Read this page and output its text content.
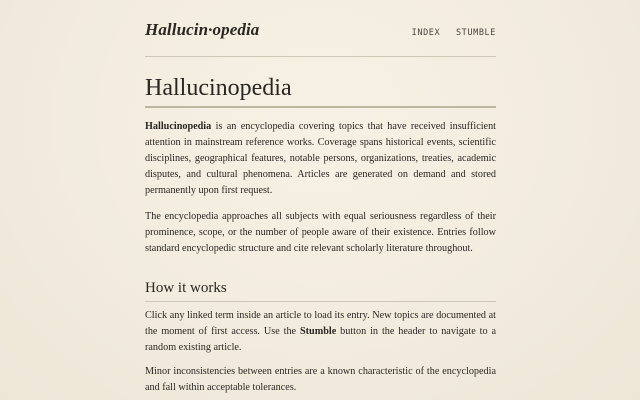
Hallucin·opedia	INDEX STUMBLE
Hallucinopedia

Hallucinopedia is an encyclopedia covering topics that have received insufficient attention in mainstream reference works. Coverage spans historical events, scientific disciplines, geographical features, notable persons, organizations, treaties, academic disputes, and cultural phenomena. Articles are generated on demand and stored permanently upon first request.

The encyclopedia approaches all subjects with equal seriousness regardless of their prominence, scope, or the number of people aware of their existence. Entries follow standard encyclopedic structure and cite relevant scholarly literature throughout.

How it works

Click any linked term inside an article to load its entry. New topics are documented at the moment of first access. Use the Stumble button in the header to navigate to a random existing article.

Minor inconsistencies between entries are a known characteristic of the encyclopedia and fall within acceptable tolerances.
